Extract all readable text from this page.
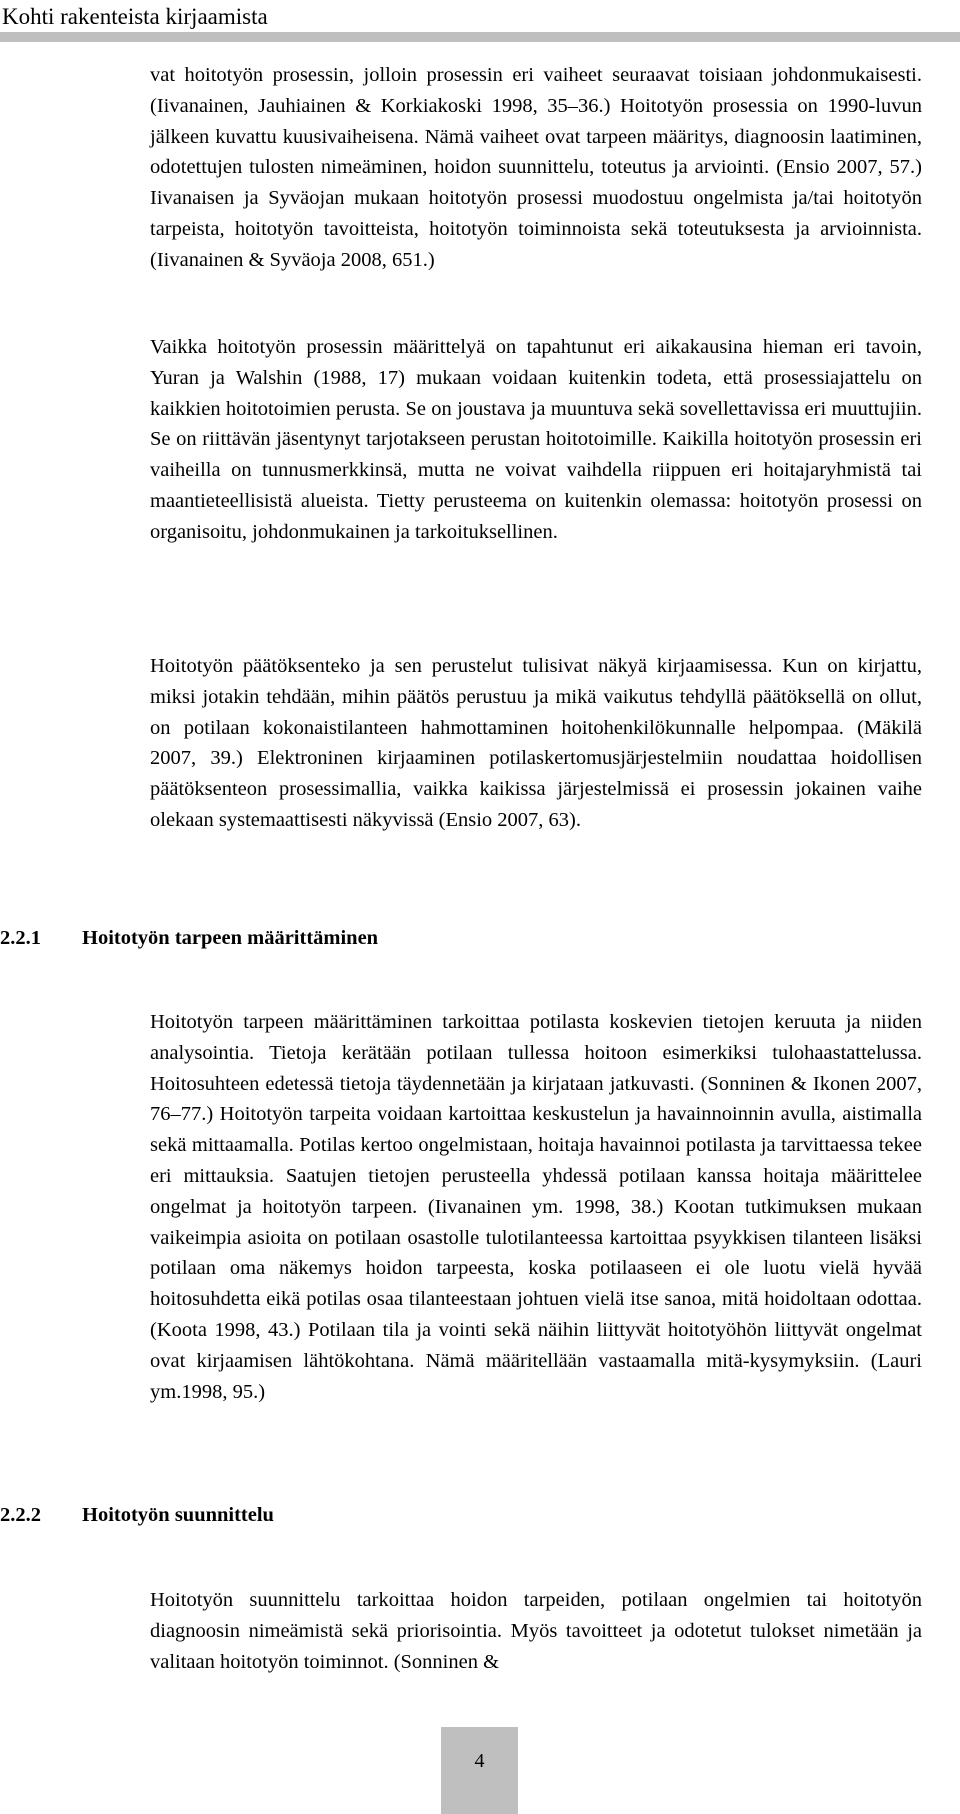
Kohti rakenteista kirjaamista

vat hoitotyön prosessin, jolloin prosessin eri vaiheet seuraavat toisiaan johdonmukaisesti. (Iivanainen, Jauhiainen & Korkiakoski 1998, 35–36.) Hoitotyön prosessia on 1990-luvun jälkeen kuvattu kuusivaiheisena. Nämä vaiheet ovat tarpeen määritys, diagnoosin laatiminen, odotettujen tulosten nimeäminen, hoidon suunnittelu, toteutus ja arviointi. (Ensio 2007, 57.) Iivanaisen ja Syväojan mukaan hoitotyön prosessi muodostuu ongelmista ja/tai hoitotyön tarpeista, hoitotyön tavoitteista, hoitotyön toiminnoista sekä toteutuksesta ja arvioinnista. (Iivanainen & Syväoja 2008, 651.)

Vaikka hoitotyön prosessin määrittelyä on tapahtunut eri aikakausina hieman eri tavoin, Yuran ja Walshin (1988, 17) mukaan voidaan kuitenkin todeta, että prosessiajattelu on kaikkien hoitotoimien perusta. Se on joustava ja muuntuva sekä sovellettavissa eri muuttujiin. Se on riittävän jäsentynyt tarjotakseen perustan hoitotoimille. Kaikilla hoitotyön prosessin eri vaiheilla on tunnusmerkkinsä, mutta ne voivat vaihdella riippuen eri hoitajaryhmistä tai maantieteellisistä alueista. Tietty perusteema on kuitenkin olemassa: hoitotyön prosessi on organisoitu, johdonmukainen ja tarkoituksellinen.

Hoitotyön päätöksenteko ja sen perustelut tulisivat näkyä kirjaamisessa. Kun on kirjattu, miksi jotakin tehdään, mihin päätös perustuu ja mikä vaikutus tehdyllä päätöksellä on ollut, on potilaan kokonaistilanteen hahmottaminen hoitohenkilökunnalle helpompaa. (Mäkilä 2007, 39.) Elektroninen kirjaaminen potilaskertomusjärjestelmiin noudattaa hoidollisen päätöksenteon prosessimallia, vaikka kaikissa järjestelmissä ei prosessin jokainen vaihe olekaan systemaattisesti näkyvissä (Ensio 2007, 63).

2.2.1 Hoitotyön tarpeen määrittäminen

Hoitotyön tarpeen määrittäminen tarkoittaa potilasta koskevien tietojen keruuta ja niiden analysointia. Tietoja kerätään potilaan tullessa hoitoon esimerkiksi tulohaastattelussa. Hoitosuhteen edetessä tietoja täydennetään ja kirjataan jatkuvasti. (Sonninen & Ikonen 2007, 76–77.) Hoitotyön tarpeita voidaan kartoittaa keskustelun ja havainnoinnin avulla, aistimalla sekä mittaamalla. Potilas kertoo ongelmistaan, hoitaja havainnoi potilasta ja tarvittaessa tekee eri mittauksia. Saatujen tietojen perusteella yhdessä potilaan kanssa hoitaja määrittelee ongelmat ja hoitotyön tarpeen. (Iivanainen ym. 1998, 38.) Kootan tutkimuksen mukaan vaikeimpia asioita on potilaan osastolle tulotilanteessa kartoittaa psyykkisen tilanteen lisäksi potilaan oma näkemys hoidon tarpeesta, koska potilaaseen ei ole luotu vielä hyvää hoitosuhdetta eikä potilas osaa tilanteestaan johtuen vielä itse sanoa, mitä hoidoltaan odottaa. (Koota 1998, 43.) Potilaan tila ja vointi sekä näihin liittyvät hoitotyöhön liittyvät ongelmat ovat kirjaamisen lähtökohtana. Nämä määritellään vastaamalla mitä-kysymyksiin. (Lauri ym.1998, 95.)

2.2.2 Hoitotyön suunnittelu

Hoitotyön suunnittelu tarkoittaa hoidon tarpeiden, potilaan ongelmien tai hoitotyön diagnoosin nimeämistä sekä priorisointia. Myös tavoitteet ja odotetut tulokset nimetään ja valitaan hoitotyön toiminnot. (Sonninen &

4
